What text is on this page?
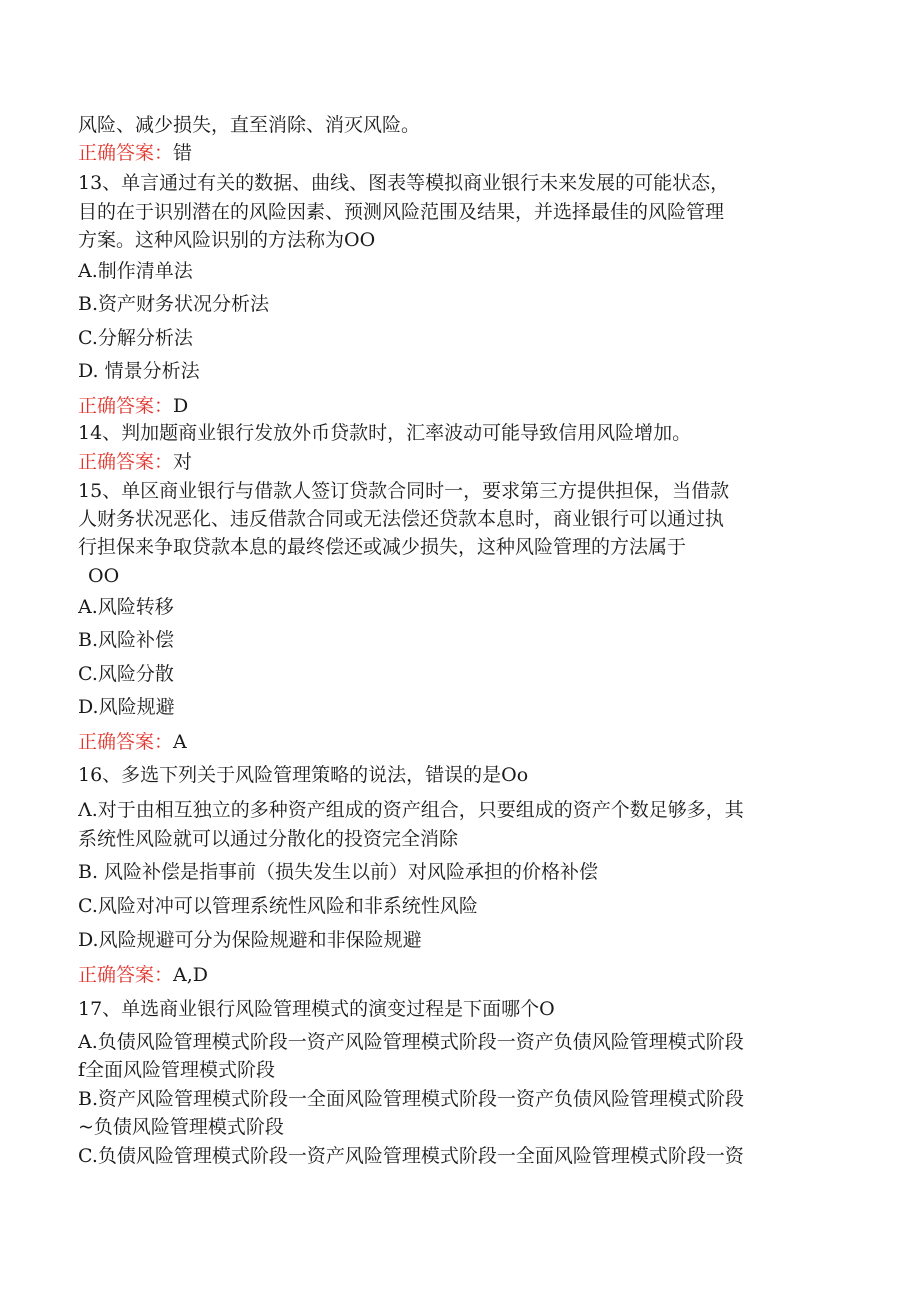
风险、减少损失，直至消除、消灭风险。
正确答案：错
13、单言通过有关的数据、曲线、图表等模拟商业银行未来发展的可能状态，
目的在于识别潜在的风险因素、预测风险范围及结果，并选择最佳的风险管理
方案。这种风险识别的方法称为OO
A.制作清单法
B.资产财务状况分析法
C.分解分析法
D. 情景分析法
正确答案：D
14、判加题商业银行发放外币贷款时，汇率波动可能导致信用风险增加。
正确答案：对
15、单区商业银行与借款人签订贷款合同时一，要求第三方提供担保，当借款
人财务状况恶化、违反借款合同或无法偿还贷款本息时，商业银行可以通过执
行担保来争取贷款本息的最终偿还或减少损失，这种风险管理的方法属于
OO
A.风险转移
B.风险补偿
C.风险分散
D.风险规避
正确答案：A
16、多选下列关于风险管理策略的说法，错误的是Oo
Λ.对于由相互独立的多种资产组成的资产组合，只要组成的资产个数足够多，其
系统性风险就可以通过分散化的投资完全消除
B. 风险补偿是指事前（损失发生以前）对风险承担的价格补偿
C.风险对冲可以管理系统性风险和非系统性风险
D.风险规避可分为保险规避和非保险规避
正确答案：A,D
17、单选商业银行风险管理模式的演变过程是下面哪个O
A.负债风险管理模式阶段一资产风险管理模式阶段一资产负债风险管理模式阶段
f全面风险管理模式阶段
B.资产风险管理模式阶段一全面风险管理模式阶段一资产负债风险管理模式阶段
~负债风险管理模式阶段
C.负债风险管理模式阶段一资产风险管理模式阶段一全面风险管理模式阶段一资
